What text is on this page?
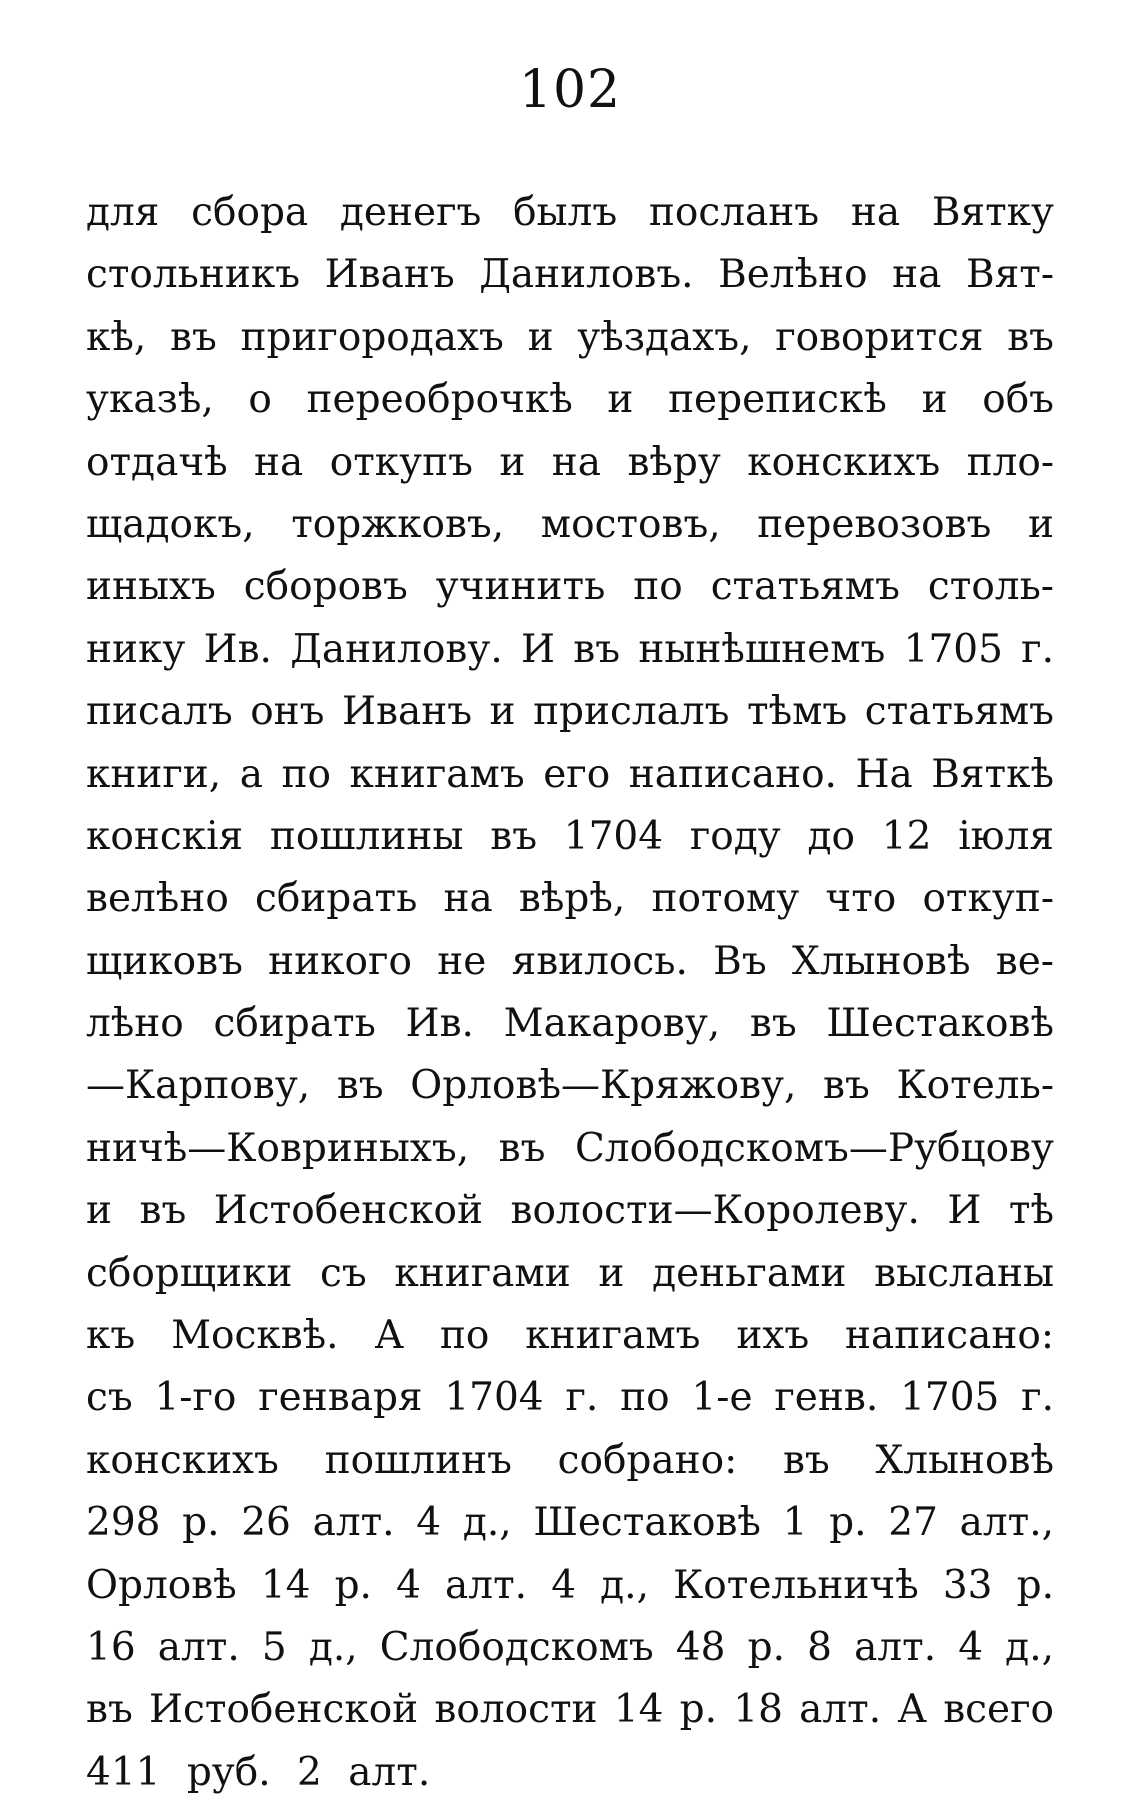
102
для сбора денегъ былъ посланъ на Вятку
стольникъ Иванъ Даниловъ. Велѣно на Вят-
кѣ, въ пригородахъ и уѣздахъ, говорится въ
указѣ, о переоброчкѣ и перепискѣ и объ
отдачѣ на откупъ и на вѣру конскихъ пло-
щадокъ, торжковъ, мостовъ, перевозовъ и
иныхъ сборовъ учинить по статьямъ столь-
нику Ив. Данилову. И въ нынѣшнемъ 1705 г.
писалъ онъ Иванъ и прислалъ тѣмъ статьямъ
книги, а по книгамъ его написано. На Вяткѣ
конскія пошлины въ 1704 году до 12 іюля
велѣно сбирать на вѣрѣ, потому что откуп-
щиковъ никого не явилось. Въ Хлыновѣ ве-
лѣно сбирать Ив. Макарову, въ Шестаковѣ
—Карпову, въ Орловѣ—Кряжову, въ Котель-
ничѣ—Ковриныхъ, въ Слободскомъ—Рубцову
и въ Истобенской волости—Королеву. И тѣ
сборщики съ книгами и деньгами высланы
къ Москвѣ. А по книгамъ ихъ написано:
съ 1-го генваря 1704 г. по 1-е генв. 1705 г.
конскихъ пошлинъ собрано: въ Хлыновѣ
298 р. 26 алт. 4 д., Шестаковѣ 1 р. 27 алт.,
Орловѣ 14 р. 4 алт. 4 д., Котельничѣ 33 р.
16 алт. 5 д., Слободскомъ 48 р. 8 алт. 4 д.,
въ Истобенской волости 14 р. 18 алт. А всего
411 руб. 2 алт.
